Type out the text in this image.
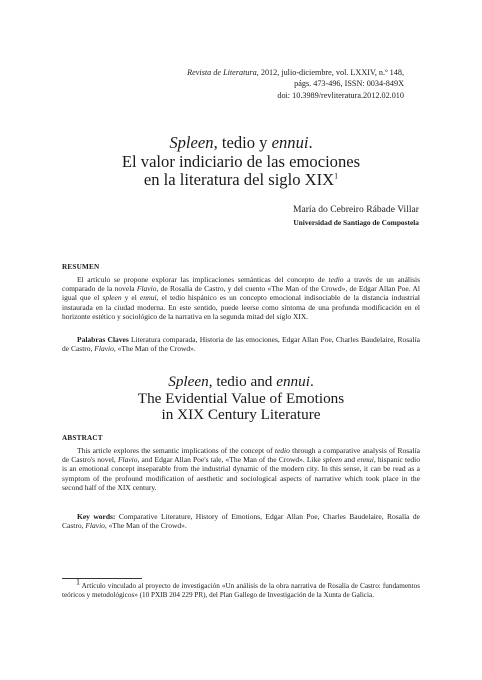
Revista de Literatura, 2012, julio-diciembre, vol. LXXIV, n.º 148,
págs. 473-496, ISSN: 0034-849X
doi: 10.3989/revliteratura.2012.02.010
Spleen, tedio y ennui.
El valor indiciario de las emociones
en la literatura del siglo XIX$^1$
María do Cebreiro Rábade Villar
Universidad de Santiago de Compostela
RESUMEN
El artículo se propone explorar las implicaciones semánticas del concepto de tedio a través de un análisis comparado de la novela Flavio, de Rosalía de Castro, y del cuento «The Man of the Crowd», de Edgar Allan Poe. Al igual que el spleen y el ennui, el tedio hispánico es un concepto emocional indisociable de la distancia industrial instaurada en la ciudad moderna. En este sentido, puede leerse como síntoma de una profunda modificación en el horizonte estético y sociológico de la narrativa en la segunda mitad del siglo XIX.
Palabras Claves Literatura comparada, Historia de las emociones, Edgar Allan Poe, Charles Baudelaire, Rosalía de Castro, Flavio, «The Man of the Crowd».
Spleen, tedio and ennui.
The Evidential Value of Emotions
in XIX Century Literature
ABSTRACT
This article explores the semantic implications of the concept of tedio through a comparative analysis of Rosalía de Castro's novel, Flavio, and Edgar Allan Poe's tale, «The Man of the Crowd». Like spleen and ennui, hispanic tedio is an emotional concept inseparable from the industrial dynamic of the modern city. In this sense, it can be read as a symptom of the profound modification of aesthetic and sociological aspects of narrative which took place in the second half of the XIX century.
Key words: Comparative Literature, History of Emotions, Edgar Allan Poe, Charles Baudelaire, Rosalía de Castro, Flavio, «The Man of the Crowd».
$^1$ Artículo vinculado al proyecto de investigación «Un análisis de la obra narrativa de Rosalía de Castro: fundamentos teóricos y metodológicos» (10 PXIB 204 229 PR), del Plan Gallego de Investigación de la Xunta de Galicia.
